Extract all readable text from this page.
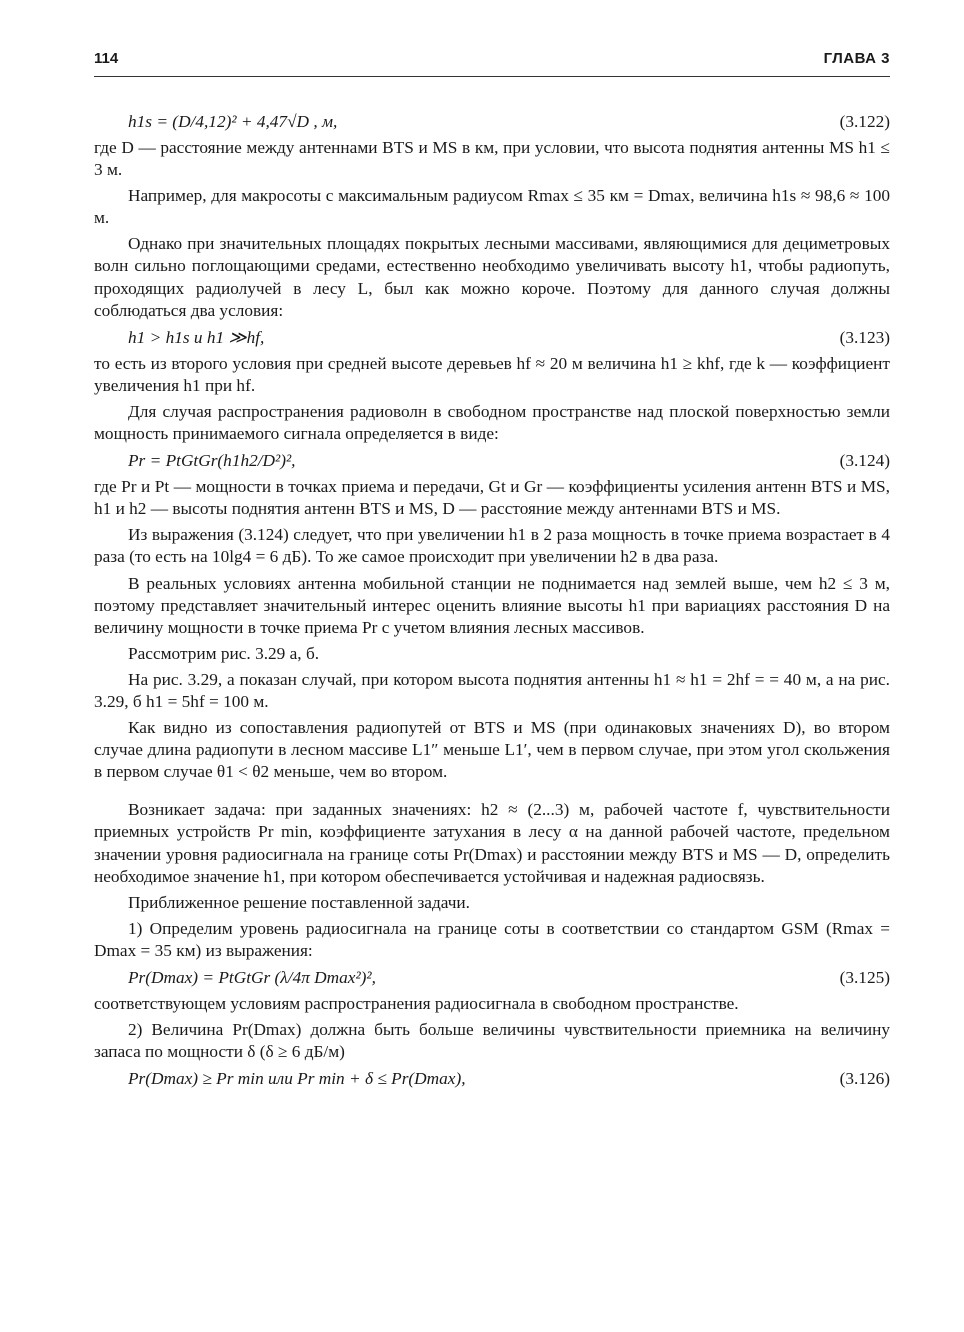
114	ГЛАВА 3
h1s = (D/4,12)² + 4,47√D , м,	(3.122)

где D — расстояние между антеннами BTS и MS в км, при условии, что высота поднятия антенны MS h1 ≤ 3 м.

Например, для макросоты с максимальным радиусом Rmax ≤ 35 км = Dmax, величина h1s ≈ 98,6 ≈ 100 м.

Однако при значительных площадях покрытых лесными массивами, являющимися для дециметровых волн сильно поглощающими средами, естественно необходимо увеличивать высоту h1, чтобы радиопуть, проходящих радиолучей в лесу L, был как можно короче. Поэтому для данного случая должны соблюдаться два условия:

h1 > h1s и h1 ≫hf,	(3.123)

то есть из второго условия при средней высоте деревьев hf ≈ 20 м величина h1 ≥ khf, где k — коэффициент увеличения h1 при hf.

Для случая распространения радиоволн в свободном пространстве над плоской поверхностью земли мощность принимаемого сигнала определяется в виде:

Pr = PtGtGr(h1h2/D²)²,	(3.124)

где Pr и Pt — мощности в точках приема и передачи, Gt и Gr — коэффициенты усиления антенн BTS и MS, h1 и h2 — высоты поднятия антенн BTS и MS, D — расстояние между антеннами BTS и MS.

Из выражения (3.124) следует, что при увеличении h1 в 2 раза мощность в точке приема возрастает в 4 раза (то есть на 10lg4 = 6 дБ). То же самое происходит при увеличении h2 в два раза.

В реальных условиях антенна мобильной станции не поднимается над землей выше, чем h2 ≤ 3 м, поэтому представляет значительный интерес оценить влияние высоты h1 при вариациях расстояния D на величину мощности в точке приема Pr с учетом влияния лесных массивов.

Рассмотрим рис. 3.29 а, б.

На рис. 3.29, а показан случай, при котором высота поднятия антенны h1 ≈ h1 = 2hf = = 40 м, а на рис. 3.29, б h1 = 5hf = 100 м.

Как видно из сопоставления радиопутей от BTS и MS (при одинаковых значениях D), во втором случае длина радиопути в лесном массиве L1″ меньше L1′, чем в первом случае, при этом угол скольжения в первом случае θ1 < θ2 меньше, чем во втором.

Возникает задача: при заданных значениях: h2 ≈ (2...3) м, рабочей частоте f, чувствительности приемных устройств Pr min, коэффициенте затухания в лесу α на данной рабочей частоте, предельном значении уровня радиосигнала на границе соты Pr(Dmax) и расстоянии между BTS и MS — D, определить необходимое значение h1, при котором обеспечивается устойчивая и надежная радиосвязь.

Приближенное решение поставленной задачи.

1) Определим уровень радиосигнала на границе соты в соответствии со стандартом GSM (Rmax = Dmax = 35 км) из выражения:

Pr(Dmax) = PtGtGr (λ/4π Dmax²)²,	(3.125)

соответствующем условиям распространения радиосигнала в свободном пространстве.

2) Величина Pr(Dmax) должна быть больше величины чувствительности приемника на величину запаса по мощности δ (δ ≥ 6 дБ/м)

Pr(Dmax) ≥ Pr min или Pr min + δ ≤ Pr(Dmax),	(3.126)
